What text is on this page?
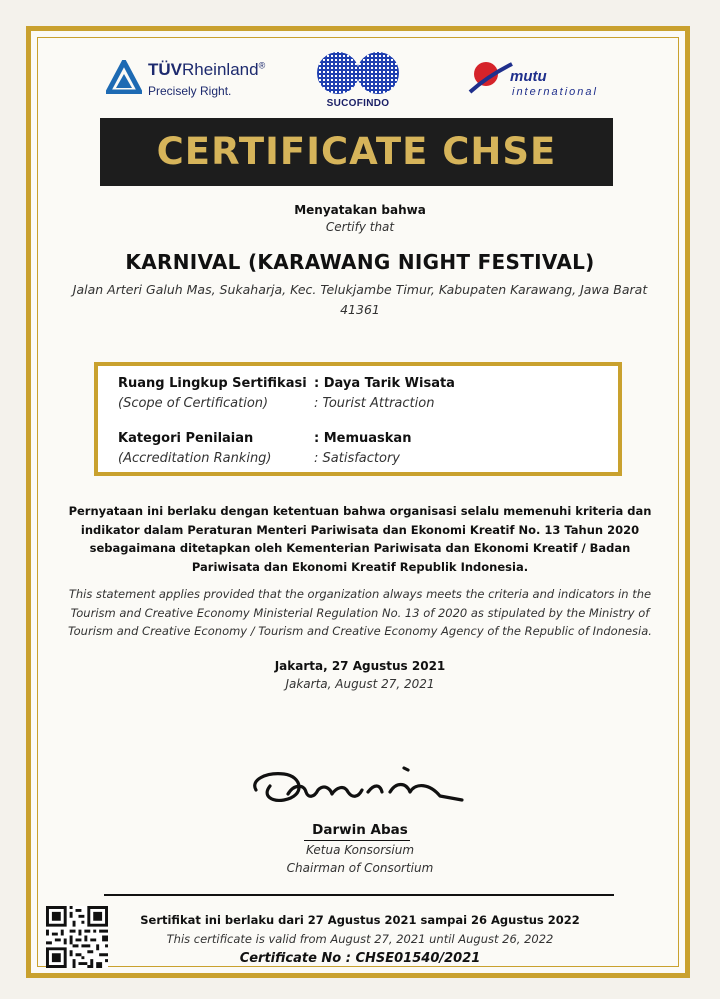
TÜVRheinland®
Precisely Right.
SUCOFINDO
mutu
international
CERTIFICATE CHSE
Menyatakan bahwa
Certify that
KARNIVAL (KARAWANG NIGHT FESTIVAL)
Jalan Arteri Galuh Mas, Sukaharja, Kec. Telukjambe Timur, Kabupaten Karawang, Jawa Barat 41361
Ruang Lingkup Sertifikasi
(Scope of Certification)
: Daya Tarik Wisata
: Tourist Attraction
Kategori Penilaian
(Accreditation Ranking)
: Memuaskan
: Satisfactory
Pernyataan ini berlaku dengan ketentuan bahwa organisasi selalu memenuhi kriteria dan indikator dalam Peraturan Menteri Pariwisata dan Ekonomi Kreatif No. 13 Tahun 2020 sebagaimana ditetapkan oleh Kementerian Pariwisata dan Ekonomi Kreatif / Badan Pariwisata dan Ekonomi Kreatif Republik Indonesia.
This statement applies provided that the organization always meets the criteria and indicators in the Tourism and Creative Economy Ministerial Regulation No. 13 of 2020 as stipulated by the Ministry of Tourism and Creative Economy / Tourism and Creative Economy Agency of the Republic of Indonesia.
Jakarta, 27 Agustus 2021
Jakarta, August 27, 2021
Darwin Abas
Ketua Konsorsium
Chairman of Consortium
Sertifikat ini berlaku dari 27 Agustus 2021 sampai 26 Agustus 2022
This certificate is valid from August 27, 2021 until August 26, 2022
Certificate No : CHSE01540/2021
